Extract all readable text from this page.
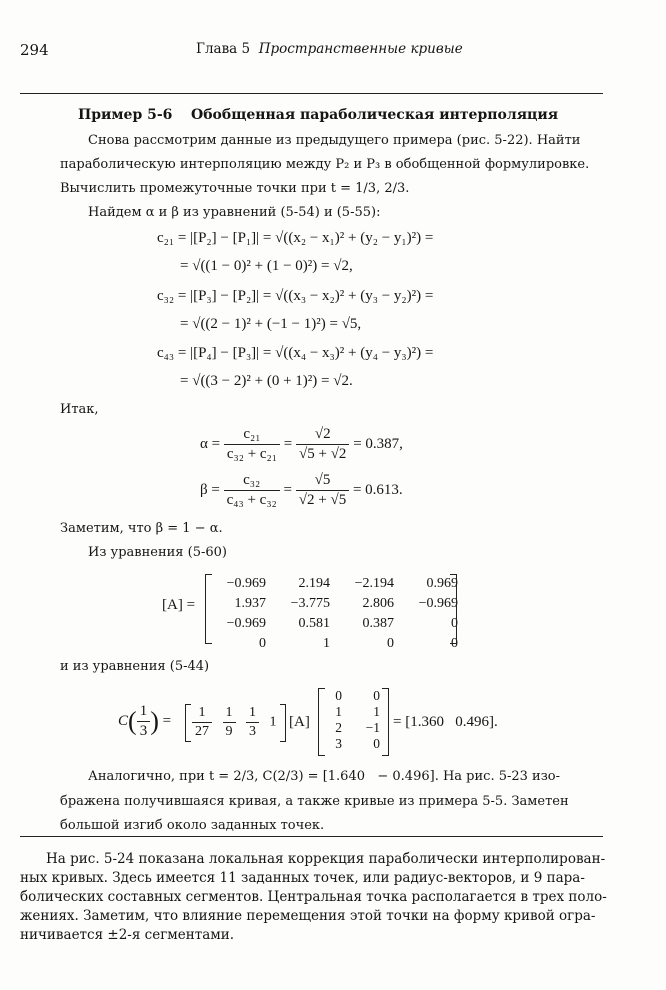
294	Глава 5 Пространственные кривые
Пример 5-6 Обобщенная параболическая интерполяция
Снова рассмотрим данные из предыдущего примера (рис. 5-22). Найти
параболическую интерполяцию между P₂ и P₃ в обобщенной формулировке.
Вычислить промежуточные точки при t = 1/3, 2/3.
Найдем α и β из уравнений (5-54) и (5-55):
c₂₁ = |[P₂] − [P₁]| = √((x₂ − x₁)² + (y₂ − y₁)²) =
= √((1 − 0)² + (1 − 0)²) = √2,
c₃₂ = |[P₃] − [P₂]| = √((x₃ − x₂)² + (y₃ − y₂)²) =
= √((2 − 1)² + (−1 − 1)²) = √5,
c₄₃ = |[P₄] − [P₃]| = √((x₄ − x₃)² + (y₄ − y₃)²) =
= √((3 − 2)² + (0 + 1)²) = √2.
Итак,
$\alpha = \frac{\text{c₂₁}}{\text{c₃₂ + c₂₁}} = \frac{√2}{√5 + √2} = 0.387$,
$\beta = \frac{\text{c₃₂}}{\text{c₄₃ + c₃₂}} = \frac{√5}{√2 + √5} = 0.613$.
Заметим, что β = 1 − α.
Из уравнения (5-60)
[A] =
−0.969	2.194	−2.194	0.969
1.937	−3.775	2.806	−0.969
−0.969	0.581	0.387	0
0	1	0	0
и из уравнения (5-44)
$C( \frac{1}{3}$ ) = $\frac{1}{27}$
$\frac{1}{9}$
$\frac{1}{3} 1$ [A]
0	0
1	1
2	−1
3	0
= [1.360   0.496].
Аналогично, при t = 2/3, C(2/3) = [1.640   − 0.496]. На рис. 5-23 изо-
бражена получившаяся кривая, а также кривые из примера 5-5. Заметен
большой изгиб около заданных точек.
На рис. 5-24 показана локальная коррекция параболически интерполирован-
ных кривых. Здесь имеется 11 заданных точек, или радиус-векторов, и 9 пара-
болических составных сегментов. Центральная точка располагается в трех поло-
жениях. Заметим, что влияние перемещения этой точки на форму кривой огра-
ничивается ±2-я сегментами.
